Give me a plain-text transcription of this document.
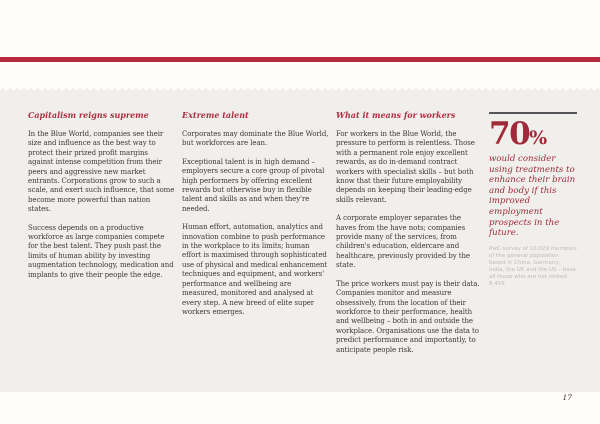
Capitalism reigns supreme

In the Blue World, companies see their size and influence as the best way to protect their prized profit margins against intense competition from their peers and aggressive new market entrants. Corporations grow to such a scale, and exert such influence, that some become more powerful than nation states.

Success depends on a productive workforce as large companies compete for the best talent. They push past the limits of human ability by investing augmentation technology, medication and implants to give their people the edge.

Extreme talent

Corporates may dominate the Blue World, but workforces are lean.

Exceptional talent is in high demand – employers secure a core group of pivotal high performers by offering excellent rewards but otherwise buy in flexible talent and skills as and when they're needed.

Human effort, automation, analytics and innovation combine to push performance in the workplace to its limits; human effort is maximised through sophisticated use of physical and medical enhancement techniques and equipment, and workers' performance and wellbeing are measured, monitored and analysed at every step. A new breed of elite super workers emerges.

What it means for workers

For workers in the Blue World, the pressure to perform is relentless. Those with a permanent role enjoy excellent rewards, as do in-demand contract workers with specialist skills – but both know that their future employability depends on keeping their leading-edge skills relevant.

A corporate employer separates the haves from the have nots; companies provide many of the services, from children's education, eldercare and healthcare, previously provided by the state.

The price workers must pay is their data. Companies monitor and measure obsessively, from the location of their workforce to their performance, health and wellbeing – both in and outside the workplace. Organisations use the data to predict performance and importantly, to anticipate people risk.

70%

would consider using treatments to enhance their brain and body if this improved employment prospects in the future.

PwC survey of 10,029 members of the general population based in China, Germany, India, the UK and the US – base all those who are not retired 8,459

17
